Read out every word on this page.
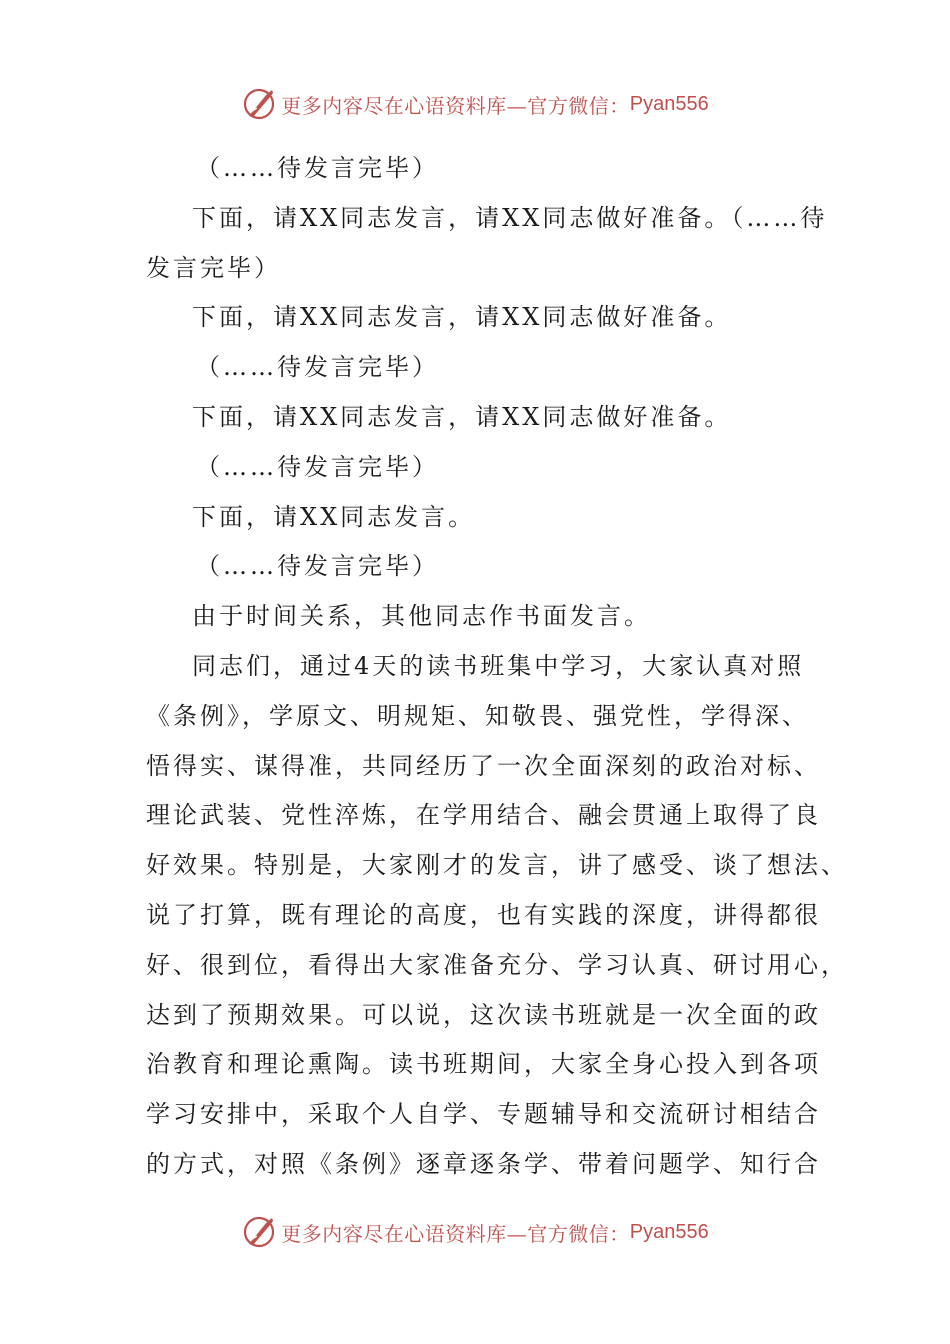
更多内容尽在心语资料库—官方微信： Pyan556
（……待发言完毕）
下面，请XX同志发言，请XX同志做好准备。（……待
发言完毕）
下面，请XX同志发言，请XX同志做好准备。
（……待发言完毕）
下面，请XX同志发言，请XX同志做好准备。
（……待发言完毕）
下面，请XX同志发言。
（……待发言完毕）
由于时间关系，其他同志作书面发言。
同志们，通过4天的读书班集中学习，大家认真对照
《条例》，学原文、明规矩、知敬畏、强党性，学得深、
悟得实、谋得准，共同经历了一次全面深刻的政治对标、
理论武装、党性淬炼，在学用结合、融会贯通上取得了良
好效果。特别是，大家刚才的发言，讲了感受、谈了想法、
说了打算，既有理论的高度，也有实践的深度，讲得都很
好、很到位，看得出大家准备充分、学习认真、研讨用心，
达到了预期效果。可以说，这次读书班就是一次全面的政
治教育和理论熏陶。读书班期间，大家全身心投入到各项
学习安排中，采取个人自学、专题辅导和交流研讨相结合
的方式，对照《条例》逐章逐条学、带着问题学、知行合
更多内容尽在心语资料库—官方微信： Pyan556
